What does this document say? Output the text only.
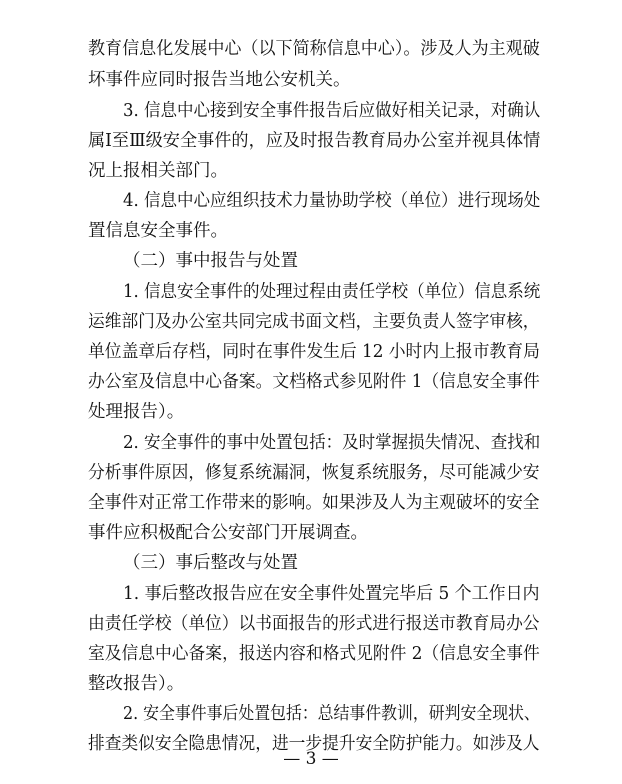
教育信息化发展中心（以下简称信息中心）。涉及人为主观破
坏事件应同时报告当地公安机关。
3. 信息中心接到安全事件报告后应做好相关记录，对确认
属Ⅰ至Ⅲ级安全事件的，应及时报告教育局办公室并视具体情
况上报相关部门。
4. 信息中心应组织技术力量协助学校（单位）进行现场处
置信息安全事件。
（二）事中报告与处置
1. 信息安全事件的处理过程由责任学校（单位）信息系统
运维部门及办公室共同完成书面文档，主要负责人签字审核，
单位盖章后存档，同时在事件发生后 12 小时内上报市教育局
办公室及信息中心备案。文档格式参见附件 1（信息安全事件
处理报告）。
2. 安全事件的事中处置包括：及时掌握损失情况、查找和
分析事件原因，修复系统漏洞，恢复系统服务，尽可能减少安
全事件对正常工作带来的影响。如果涉及人为主观破坏的安全
事件应积极配合公安部门开展调查。
（三）事后整改与处置
1. 事后整改报告应在安全事件处置完毕后 5 个工作日内
由责任学校（单位）以书面报告的形式进行报送市教育局办公
室及信息中心备案，报送内容和格式见附件 2（信息安全事件
整改报告）。
2. 安全事件事后处置包括：总结事件教训，研判安全现状、
排查类似安全隐患情况，进一步提升安全防护能力。如涉及人
— 3 —
